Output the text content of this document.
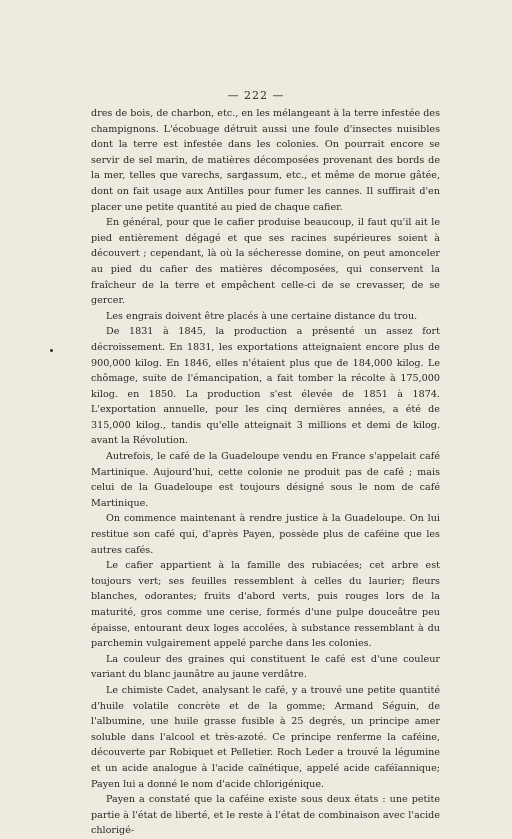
— 222 —

dres de bois, de charbon, etc., en les mélangeant à la terre infestée des champignons. L'écobuage détruit aussi une foule d'insectes nuisibles dont la terre est infestée dans les colonies. On pourrait encore se servir de sel marin, de matières décomposées provenant des bords de la mer, telles que varechs, sargassum, etc., et même de morue gâtée, dont on fait usage aux Antilles pour fumer les cannes. Il suffirait d'en placer une petite quantité au pied de chaque cafier.

En général, pour que le cafier produise beaucoup, il faut qu'il ait le pied entièrement dégagé et que ses racines supérieures soient à découvert ; cependant, là où la sécheresse domine, on peut amonceler au pied du cafier des matières décomposées, qui conservent la fraîcheur de la terre et empêchent celle-ci de se crevasser, de se gercer.

Les engrais doivent être placés à une certaine distance du trou.

De 1831 à 1845, la production a présenté un assez fort décroissement. En 1831, les exportations atteignaient encore plus de 900,000 kilog. En 1846, elles n'étaient plus que de 184,000 kilog. Le chômage, suite de l'émancipation, a fait tomber la récolte à 175,000 kilog. en 1850. La production s'est élevée de 1851 à 1874. L'exportation annuelle, pour les cinq dernières années, a été de 315,000 kilog., tandis qu'elle atteignait 3 millions et demi de kilog. avant la Révolution.

Autrefois, le café de la Guadeloupe vendu en France s'appelait café Martinique. Aujourd'hui, cette colonie ne produit pas de café ; mais celui de la Guadeloupe est toujours désigné sous le nom de café Martinique.

On commence maintenant à rendre justice à la Guadeloupe. On lui restitue son café qui, d'après Payen, possède plus de caféine que les autres cafés.

Le cafier appartient à la famille des rubiacées; cet arbre est toujours vert; ses feuilles ressemblent à celles du laurier; fleurs blanches, odorantes; fruits d'abord verts, puis rouges lors de la maturité, gros comme une cerise, formés d'une pulpe douceâtre peu épaisse, entourant deux loges accolées, à substance ressemblant à du parchemin vulgairement appelé parche dans les colonies.

La couleur des graines qui constituent le café est d'une couleur variant du blanc jaunâtre au jaune verdâtre.

Le chimiste Cadet, analysant le café, y a trouvé une petite quantité d'huile volatile concrète et de la gomme; Armand Séguin, de l'albumine, une huile grasse fusible à 25 degrés, un principe amer soluble dans l'alcool et très-azoté. Ce principe renferme la caféine, découverte par Robiquet et Pelletier. Roch Leder a trouvé la légumine et un acide analogue à l'acide caïnétique, appelé acide caféïannique; Payen lui a donné le nom d'acide chlorigénique.

Payen a constaté que la caféine existe sous deux états : une petite partie à l'état de liberté, et le reste à l'état de combinaison avec l'acide chlorigé-
